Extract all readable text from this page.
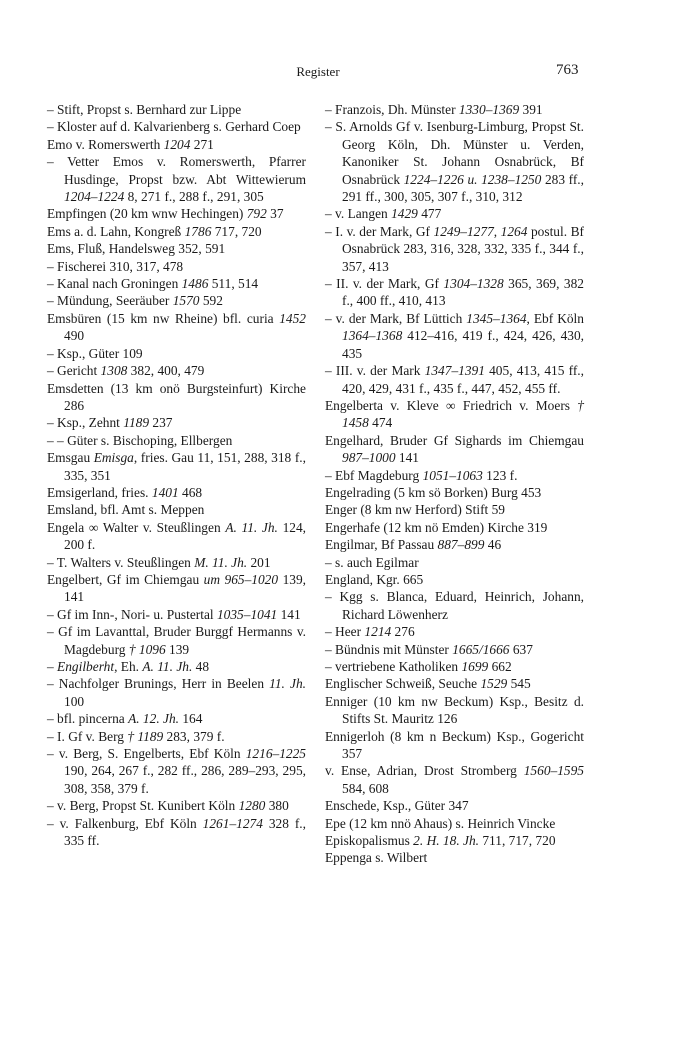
Register	763
– Stift, Propst s. Bernhard zur Lippe
– Kloster auf d. Kalvarienberg s. Gerhard Coep
Emo v. Romerswerth 1204 271
– Vetter Emos v. Romerswerth, Pfarrer Husdinge, Propst bzw. Abt Wittewierum 1204–1224 8, 271 f., 288 f., 291, 305
Empfingen (20 km wnw Hechingen) 792 37
Ems a. d. Lahn, Kongreß 1786 717, 720
Ems, Fluß, Handelsweg 352, 591
– Fischerei 310, 317, 478
– Kanal nach Groningen 1486 511, 514
– Mündung, Seeräuber 1570 592
Emsbüren (15 km nw Rheine) bfl. curia 1452 490
– Ksp., Güter 109
– Gericht 1308 382, 400, 479
Emsdetten (13 km onö Burgsteinfurt) Kirche 286
– Ksp., Zehnt 1189 237
– – Güter s. Bischoping, Ellbergen
Emsgau Emisga, fries. Gau 11, 151, 288, 318 f., 335, 351
Emsigerland, fries. 1401 468
Emsland, bfl. Amt s. Meppen
Engela ∞ Walter v. Steußlingen A. 11. Jh. 124, 200 f.
– T. Walters v. Steußlingen M. 11. Jh. 201
Engelbert, Gf im Chiemgau um 965–1020 139, 141
– Gf im Inn-, Nori- u. Pustertal 1035–1041 141
– Gf im Lavanttal, Bruder Burggf Hermanns v. Magdeburg † 1096 139
– Engilberht, Eh. A. 11. Jh. 48
– Nachfolger Brunings, Herr in Beelen 11. Jh. 100
– bfl. pincerna A. 12. Jh. 164
– I. Gf v. Berg † 1189 283, 379 f.
– v. Berg, S. Engelberts, Ebf Köln 1216–1225 190, 264, 267 f., 282 ff., 286, 289–293, 295, 308, 358, 379 f.
– v. Berg, Propst St. Kunibert Köln 1280 380
– v. Falkenburg, Ebf Köln 1261–1274 328 f., 335 ff.
– Franzois, Dh. Münster 1330–1369 391
– S. Arnolds Gf v. Isenburg-Limburg, Propst St. Georg Köln, Dh. Münster u. Verden, Kanoniker St. Johann Osnabrück, Bf Osnabrück 1224–1226 u. 1238–1250 283 ff., 291 ff., 300, 305, 307 f., 310, 312
– v. Langen 1429 477
– I. v. der Mark, Gf 1249–1277, 1264 postul. Bf Osnabrück 283, 316, 328, 332, 335 f., 344 f., 357, 413
– II. v. der Mark, Gf 1304–1328 365, 369, 382 f., 400 ff., 410, 413
– v. der Mark, Bf Lüttich 1345–1364, Ebf Köln 1364–1368 412–416, 419 f., 424, 426, 430, 435
– III. v. der Mark 1347–1391 405, 413, 415 ff., 420, 429, 431 f., 435 f., 447, 452, 455 ff.
Engelberta v. Kleve ∞ Friedrich v. Moers † 1458 474
Engelhard, Bruder Gf Sighards im Chiemgau 987–1000 141
– Ebf Magdeburg 1051–1063 123 f.
Engelrading (5 km sö Borken) Burg 453
Enger (8 km nw Herford) Stift 59
Engerhafe (12 km nö Emden) Kirche 319
Engilmar, Bf Passau 887–899 46
– s. auch Egilmar
England, Kgr. 665
– Kgg s. Blanca, Eduard, Heinrich, Johann, Richard Löwenherz
– Heer 1214 276
– Bündnis mit Münster 1665/1666 637
– vertriebene Katholiken 1699 662
Englischer Schweiß, Seuche 1529 545
Enniger (10 km nw Beckum) Ksp., Besitz d. Stifts St. Mauritz 126
Ennigerloh (8 km n Beckum) Ksp., Gogericht 357
v. Ense, Adrian, Drost Stromberg 1560–1595 584, 608
Enschede, Ksp., Güter 347
Epe (12 km nnö Ahaus) s. Heinrich Vincke
Episkopalismus 2. H. 18. Jh. 711, 717, 720
Eppenga s. Wilbert
